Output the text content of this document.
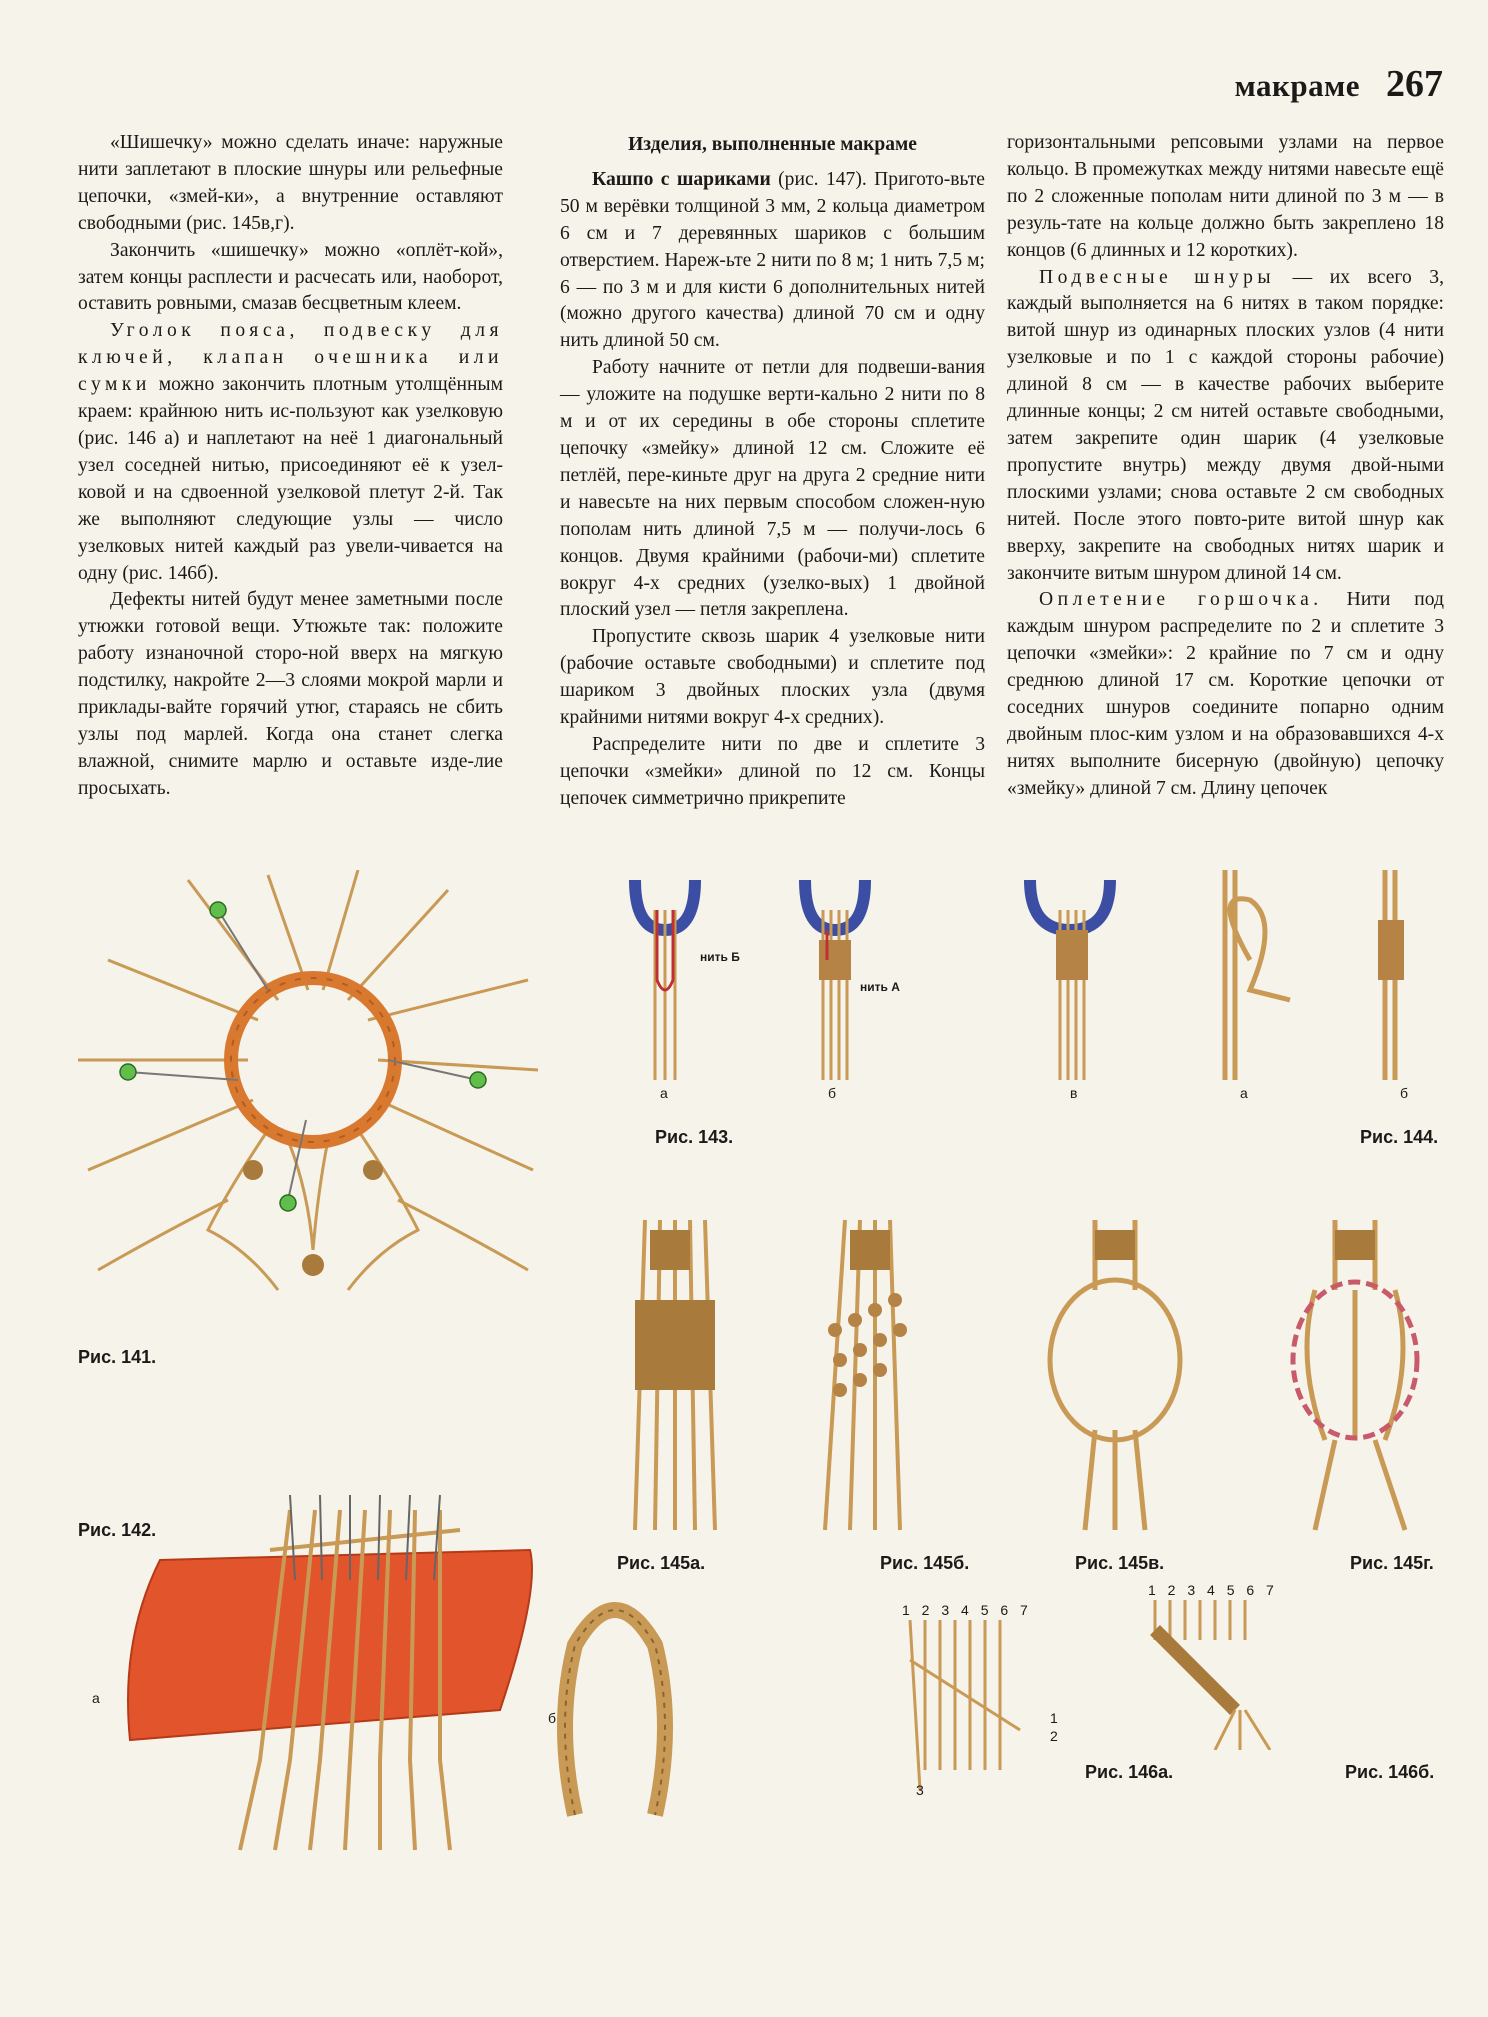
макраме 267

«Шишечку» можно сделать иначе: наружные нити заплетают в плоские шнуры или рельефные цепочки, «змей-ки», а внутренние оставляют свободными (рис. 145в,г).

Закончить «шишечку» можно «оплёт-кой», затем концы расплести и расчесать или, наоборот, оставить ровными, смазав бесцветным клеем.

Уголок пояса, подвеску для ключей, клапан очешника или сумки можно закончить плотным утолщённым краем: крайнюю нить ис-пользуют как узелковую (рис. 146 а) и наплетают на неё 1 диагональный узел соседней нитью, присоединяют её к узел-ковой и на сдвоенной узелковой плетут 2-й. Так же выполняют следующие узлы — число узелковых нитей каждый раз увели-чивается на одну (рис. 146б).

Дефекты нитей будут менее заметными после утюжки готовой вещи. Утюжьте так: положите работу изнаночной сторо-ной вверх на мягкую подстилку, накройте 2—3 слоями мокрой марли и приклады-вайте горячий утюг, стараясь не сбить узлы под марлей. Когда она станет слегка влажной, снимите марлю и оставьте изде-лие просыхать.

Изделия, выполненные макраме

Кашпо с шариками (рис. 147). Пригото-вьте 50 м верёвки толщиной 3 мм, 2 кольца диаметром 6 см и 7 деревянных шариков с большим отверстием. Нареж-ьте 2 нити по 8 м; 1 нить 7,5 м; 6 — по 3 м и для кисти 6 дополнительных нитей (можно другого качества) длиной 70 см и одну нить длиной 50 см.

Работу начните от петли для подвеши-вания — уложите на подушке верти-кально 2 нити по 8 м и от их середины в обе стороны сплетите цепочку «змейку» длиной 12 см. Сложите её петлёй, пере-киньте друг на друга 2 средние нити и навесьте на них первым способом сложен-ную пополам нить длиной 7,5 м — получи-лось 6 концов. Двумя крайними (рабочи-ми) сплетите вокруг 4-х средних (узелко-вых) 1 двойной плоский узел — петля закреплена.

Пропустите сквозь шарик 4 узелковые нити (рабочие оставьте свободными) и сплетите под шариком 3 двойных плоских узла (двумя крайними нитями вокруг 4-х средних).

Распределите нити по две и сплетите 3 цепочки «змейки» длиной по 12 см. Концы цепочек симметрично прикрепите

горизонтальными репсовыми узлами на первое кольцо. В промежутках между нитями навесьте ещё по 2 сложенные пополам нити длиной по 3 м — в резуль-тате на кольце должно быть закреплено 18 концов (6 длинных и 12 коротких).

Подвесные шнуры — их всего 3, каждый выполняется на 6 нитях в таком порядке: витой шнур из одинарных плоских узлов (4 нити узелковые и по 1 с каждой стороны рабочие) длиной 8 см — в качестве рабочих выберите длинные концы; 2 см нитей оставьте свободными, затем закрепите один шарик (4 узелковые пропустите внутрь) между двумя двой-ными плоскими узлами; снова оставьте 2 см свободных нитей. После этого повто-рите витой шнур как вверху, закрепите на свободных нитях шарик и закончите витым шнуром длиной 14 см.

Оплетение горшочка. Нити под каждым шнуром распределите по 2 и сплетите 3 цепочки «змейки»: 2 крайние по 7 см и одну среднюю длиной 17 см. Короткие цепочки от соседних шнуров соедините попарно одним двойным плос-ким узлом и на образовавшихся 4-х нитях выполните бисерную (двойную) цепочку «змейку» длиной 7 см. Длину цепочек

Рис. 141.
Рис. 142.
а
нить Б
нить А
а	б
Рис. 143.
в	а	б
Рис. 144.
Рис. 145а.	Рис. 145б.	Рис. 145в.	Рис. 145г.
б
1 2 3 4 5 6 7
1
2
3
Рис. 146а.
1 2 3 4 5 6 7
Рис. 146б.
